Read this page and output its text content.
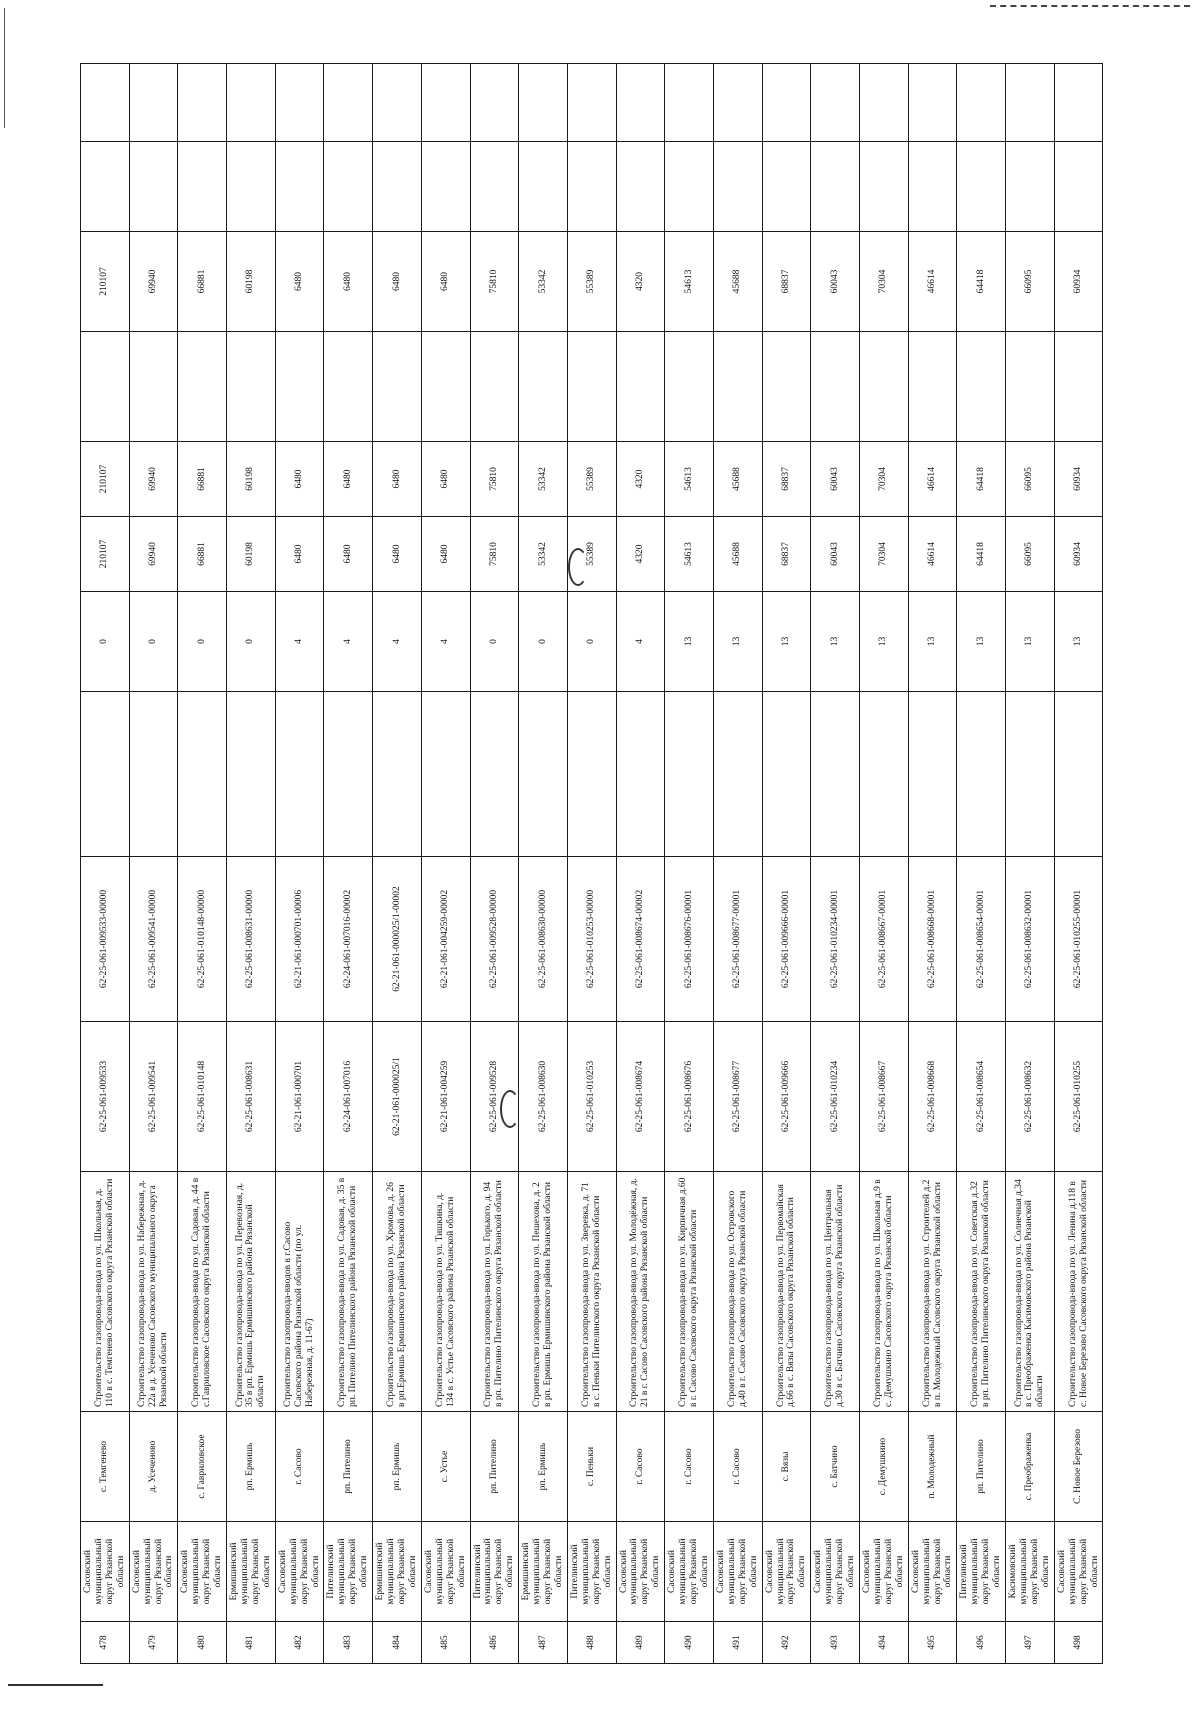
478	Сасовский муниципальный округ Рязанской области	с. Темгенево	Строительство газопровода-ввода по ул. Школьная, д. 110 в с. Темгенево Сасовского округа Рязанской области	62-25-061-009533	62-25-061-009533-00000		0	210107	210107		210107		
479	Сасовский муниципальный округ Рязанской области	д. Усеченово	Строительство газопровода-ввода по ул. Набережная, д. 22а в д. Усеченово Сасовского муниципального округа Рязанской области	62-25-061-009541	62-25-061-009541-00000		0	69940	69940		69940		
480	Сасовский муниципальный округ Рязанской области	с. Гавриловское	Строительство газопровода-ввода по ул. Садовая, д. 44 в с.Гавриловское Сасовского округа Рязанской области	62-25-061-010148	62-25-061-010148-00000		0	66881	66881		66881		
481	Ермишинский муниципальный округ Рязанской области	рп. Ермишь	Строительство газопровода-ввода по ул. Перевозная, д. 35 в рп. Ермишь Ермишинского района Рязанской области	62-25-061-008631	62-25-061-008631-00000		0	60198	60198		60198		
482	Сасовский муниципальный округ Рязанской области	г. Сасово	Строительство газопровода-вводов в г.Сасово Сасовского района Рязанской области (по ул. Набережная, д. 11-67)	62-21-061-000701	62-21-061-000701-00006		4	6480	6480		6480		
483	Пителинский муниципальный округ Рязанской области	рп. Пителино	Строительство газопровода-ввода по ул. Садовая, д. 35 в рп. Пителино Пителинского района Рязанской области	62-24-061-007016	62-24-061-007016-00002		4	6480	6480		6480		
484	Ермишинский муниципальный округ Рязанской области	рп. Ермишь	Строительство газопровода-ввода по ул. Хромова, д. 26 в рп.Ермишь Ермишинского района Рязанской области	62-21-061-000025/1	62-21-061-000025/1-00002		4	6480	6480		6480		
485	Сасовский муниципальный округ Рязанской области	с. Устье	Строительство газопровода-ввода по ул. Тишкина, д. 134 в с. Устье Сасовского района Рязанской области	62-21-061-004259	62-21-061-004259-00002		4	6480	6480		6480		
486	Пителинский муниципальный округ Рязанской области	рп. Пителино	Строительство газопровода-ввода по ул. Горького, д. 94 в рп. Пителино Пителинского округа Рязанской области	62-25-061-009528	62-25-061-009528-00000		0	75810	75810		75810		
487	Ермишинский муниципальный округ Рязанской области	рп. Ермишь	Строительство газопровода-ввода по ул. Пешехова, д. 2 в рп. Ермишь Ермишинского района Рязанской области	62-25-061-008630	62-25-061-008630-00000		0	53342	53342		53342		
488	Пителинский муниципальный округ Рязанской области	с. Пеньки	Строительство газопровода-ввода по ул. Зверевка, д. 71 в с. Пеньки Пителинского округа Рязанской области	62-25-061-010253	62-25-061-010253-00000		0	55389	55389		55389		
489	Сасовский муниципальный округ Рязанской области	г. Сасово	Строительство газопровода-ввода по ул. Молодёжная, д. 21 в г. Сасово Сасовского района Рязанской области	62-25-061-008674	62-25-061-008674-00002		4	4320	4320		4320		
490	Сасовский муниципальный округ Рязанской области	г. Сасово	Строительство газопровода-ввода по ул. Кирпичная д.60 в г. Сасово Сасовского округа Рязанской области	62-25-061-008676	62-25-061-008676-00001		13	54613	54613		54613		
491	Сасовский муниципальный округ Рязанской области	г. Сасово	Строительство газопровода-ввода по ул. Островского д.40 в г. Сасово Сасовского округа Рязанской области	62-25-061-008677	62-25-061-008677-00001		13	45688	45688		45688		
492	Сасовский муниципальный округ Рязанской области	с. Вязы	Строительство газопровода-ввода по ул. Первомайская д.66 в с. Вязы Сасовского округа Рязанской области	62-25-061-009666	62-25-061-009666-00001		13	68837	68837		68837		
493	Сасовский муниципальный округ Рязанской области	с. Батчино	Строительство газопровода-ввода по ул. Центральная д.30 в с. Батчино Сасовского округа Рязанской области	62-25-061-010234	62-25-061-010234-00001		13	60043	60043		60043		
494	Сасовский муниципальный округ Рязанской области	с. Демушкино	Строительство газопровода-ввода по ул. Школьная д.9 в с. Демушкино Сасовского округа Рязанской области	62-25-061-008667	62-25-061-008667-00001		13	70304	70304		70304		
495	Сасовский муниципальный округ Рязанской области	п. Молодежный	Строительство газопровода-ввода по ул. Строителей д.2 в п. Молодежный Сасовского округа Рязанской области	62-25-061-008668	62-25-061-008668-00001		13	46614	46614		46614		
496	Пителинский муниципальный округ Рязанской области	рп. Пителино	Строительство газопровода-ввода по ул. Советская д.32 в рп. Пителино Пителинского округа Рязанской области	62-25-061-008654	62-25-061-008654-00001		13	64418	64418		64418		
497	Касимовский муниципальный округ Рязанской области	с. Преображенка	Строительство газопровода-ввода по ул. Солнечная д.34 в с. Преображенка Касимовского района Рязанской области	62-25-061-008632	62-25-061-008632-00001		13	66095	66095		66095		
498	Сасовский муниципальный округ Рязанской области	С. Новое Березово	Строительство газопровода-ввода по ул. Ленина д.118 в с. Новое Березово Сасовского округа Рязанской области	62-25-061-010255	62-25-061-010255-00001		13	60934	60934		60934		
